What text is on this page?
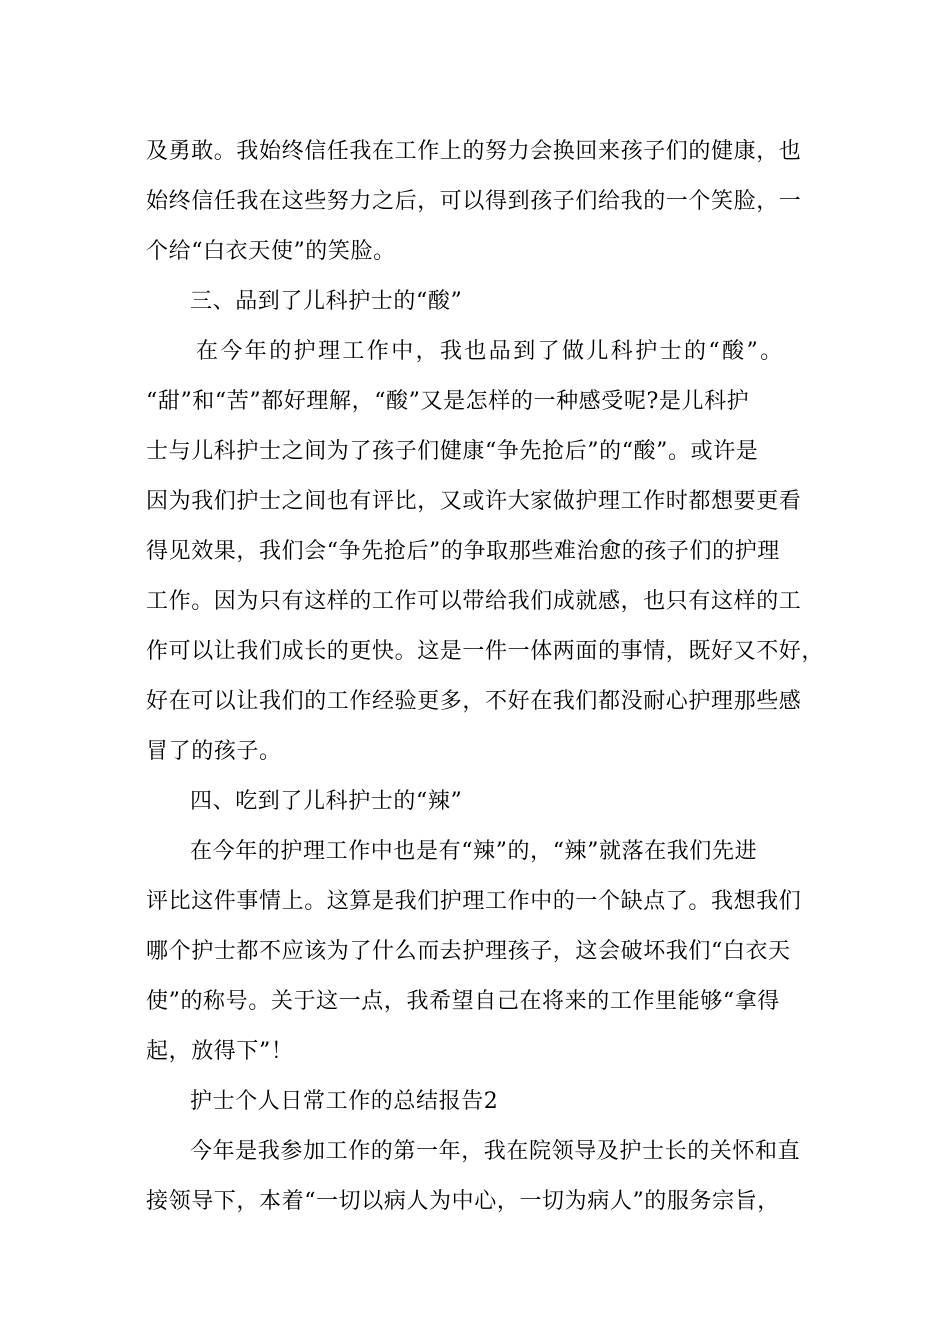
及勇敢。我始终信任我在工作上的努力会换回来孩子们的健康，也
始终信任我在这些努力之后，可以得到孩子们给我的一个笑脸，一
个给“白衣天使”的笑脸。
三、品到了儿科护士的“酸”
在今年的护理工作中，我也品到了做儿科护士的“酸”。
“甜”和“苦”都好理解，“酸”又是怎样的一种感受呢?是儿科护
士与儿科护士之间为了孩子们健康“争先抢后”的“酸”。或许是
因为我们护士之间也有评比，又或许大家做护理工作时都想要更看
得见效果，我们会“争先抢后”的争取那些难治愈的孩子们的护理
工作。因为只有这样的工作可以带给我们成就感，也只有这样的工
作可以让我们成长的更快。这是一件一体两面的事情，既好又不好，
好在可以让我们的工作经验更多，不好在我们都没耐心护理那些感
冒了的孩子。
四、吃到了儿科护士的“辣”
在今年的护理工作中也是有“辣”的，“辣”就落在我们先进
评比这件事情上。这算是我们护理工作中的一个缺点了。我想我们
哪个护士都不应该为了什么而去护理孩子，这会破坏我们“白衣天
使”的称号。关于这一点，我希望自己在将来的工作里能够“拿得
起，放得下”！
护士个人日常工作的总结报告2
今年是我参加工作的第一年，我在院领导及护士长的关怀和直
接领导下，本着“一切以病人为中心，一切为病人”的服务宗旨，
